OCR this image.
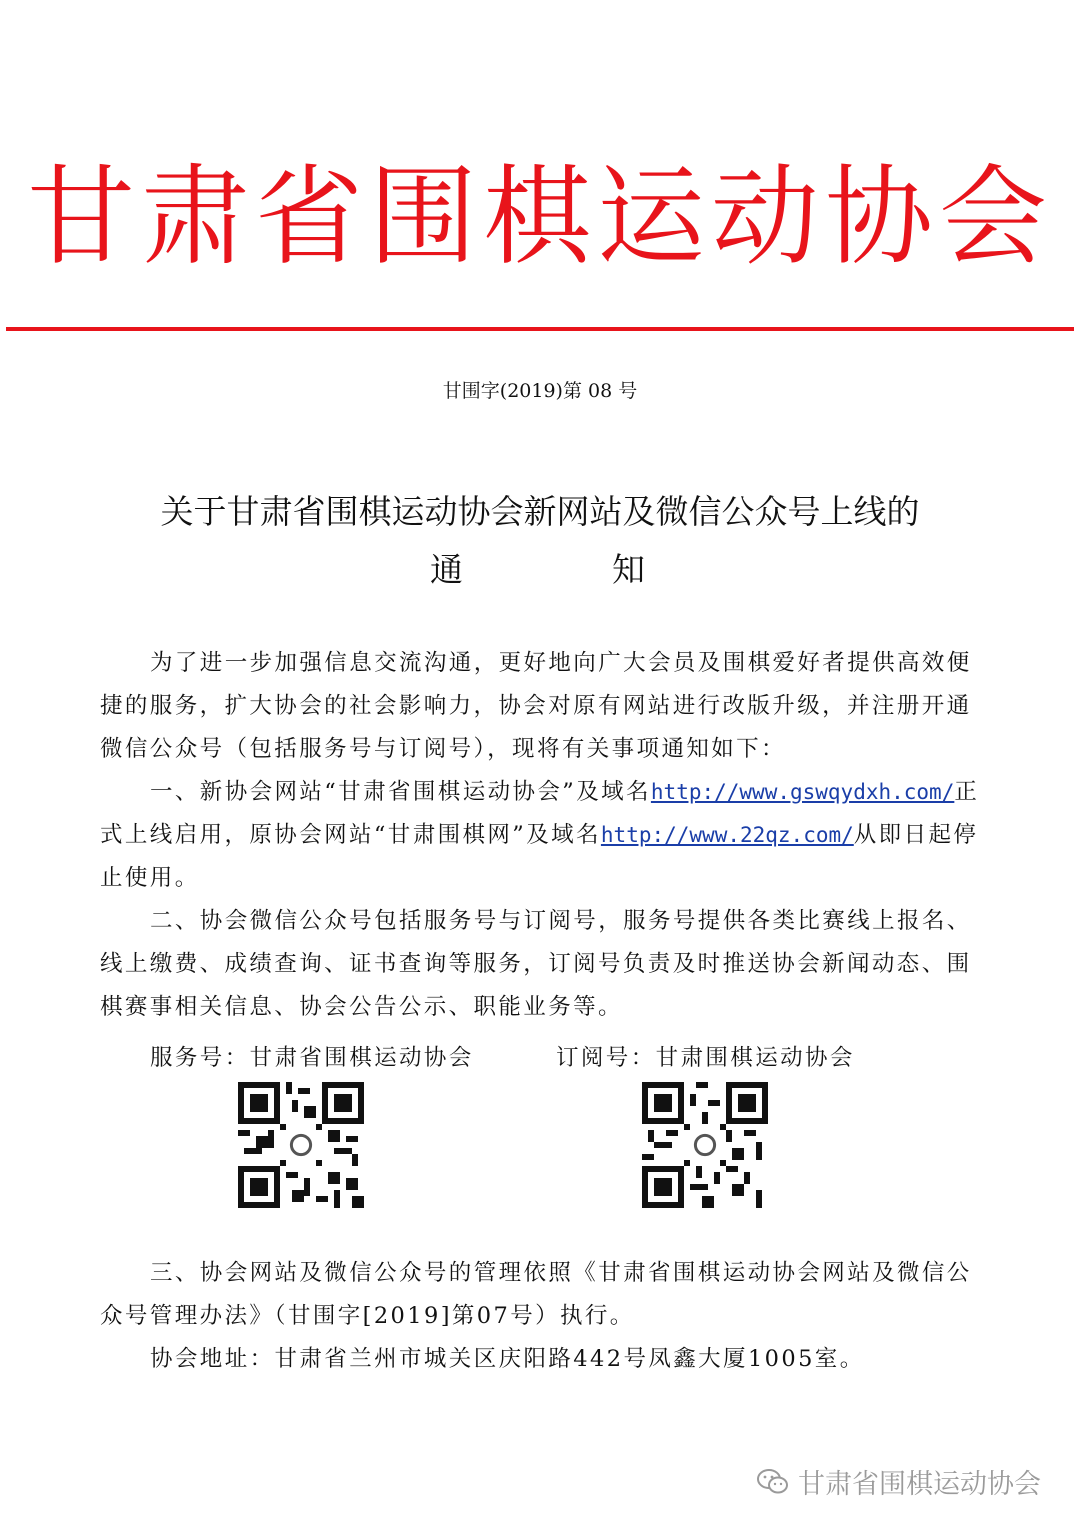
甘肃省围棋运动协会
甘围字(2019)第 08 号
关于甘肃省围棋运动协会新网站及微信公众号上线的
通	知
为了进一步加强信息交流沟通，更好地向广大会员及围棋爱好者提供高效便捷的服务，扩大协会的社会影响力，协会对原有网站进行改版升级，并注册开通微信公众号（包括服务号与订阅号），现将有关事项通知如下：
一、新协会网站“甘肃省围棋运动协会”及域名http://www.gswqydxh.com/正式上线启用，原协会网站“甘肃围棋网”及域名http://www.22qz.com/从即日起停止使用。
二、协会微信公众号包括服务号与订阅号，服务号提供各类比赛线上报名、线上缴费、成绩查询、证书查询等服务，订阅号负责及时推送协会新闻动态、围棋赛事相关信息、协会公告公示、职能业务等。
服务号：甘肃省围棋运动协会	订阅号：甘肃围棋运动协会
三、协会网站及微信公众号的管理依照《甘肃省围棋运动协会网站及微信公众号管理办法》（甘围字[2019]第07号）执行。
协会地址：甘肃省兰州市城关区庆阳路442号凤鑫大厦1005室。
甘肃省围棋运动协会
